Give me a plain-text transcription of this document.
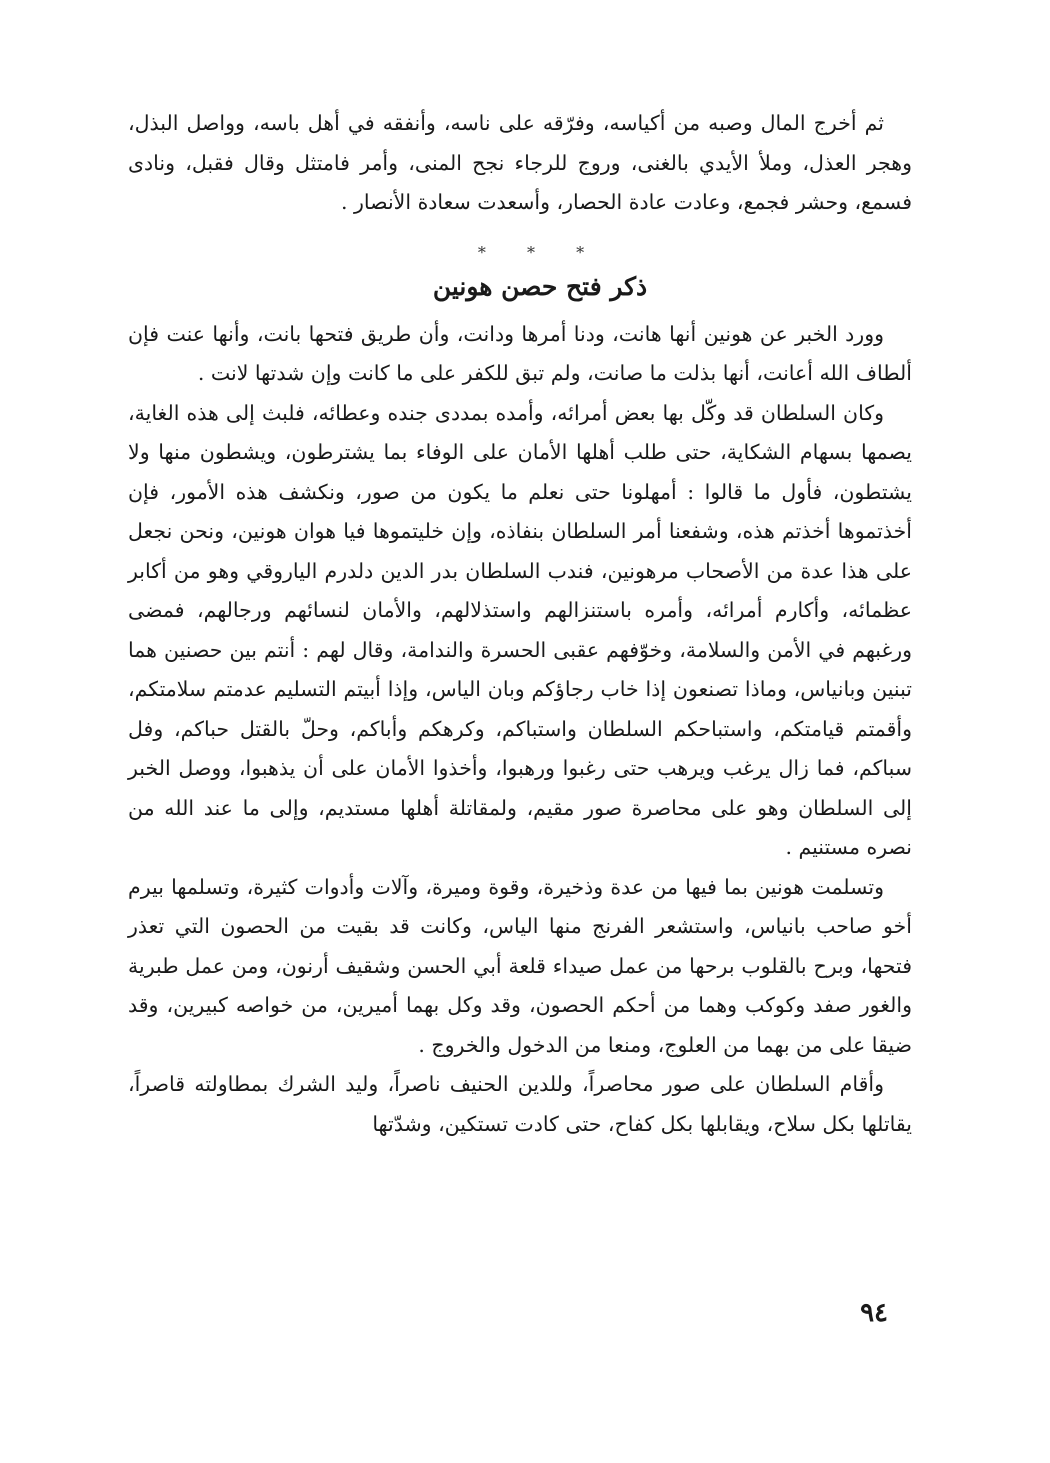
ثم أخرج المال وصبه من أكياسه، وفرّقه على ناسه، وأنفقه في أهل باسه، وواصل البذل، وهجر العذل، وملأ الأيدي بالغنى، وروج للرجاء نجح المنى، وأمر فامتثل وقال فقبل، ونادى فسمع، وحشر فجمع، وعادت عادة الحصار، وأسعدت سعادة الأنصار .

* * *
ذكر فتح حصن هونين

وورد الخبر عن هونين أنها هانت، ودنا أمرها ودانت، وأن طريق فتحها بانت، وأنها عنت فإن ألطاف الله أعانت، أنها بذلت ما صانت، ولم تبق للكفر على ما كانت وإن شدتها لانت .

وكان السلطان قد وكّل بها بعض أمرائه، وأمده بمددى جنده وعطائه، فلبث إلى هذه الغاية، يصمها بسهام الشكاية، حتى طلب أهلها الأمان على الوفاء بما يشترطون، ويشطون منها ولا يشتطون، فأول ما قالوا : أمهلونا حتى نعلم ما يكون من صور، ونكشف هذه الأمور، فإن أخذتموها أخذتم هذه، وشفعنا أمر السلطان بنفاذه، وإن خليتموها فيا هوان هونين، ونحن نجعل على هذا عدة من الأصحاب مرهونين، فندب السلطان بدر الدين دلدرم الياروقي وهو من أكابر عظمائه، وأكارم أمرائه، وأمره باستنزالهم واستذلالهم، والأمان لنسائهم ورجالهم، فمضى ورغبهم في الأمن والسلامة، وخوّفهم عقبى الحسرة والندامة، وقال لهم : أنتم بين حصنين هما تبنين وبانياس، وماذا تصنعون إذا خاب رجاؤكم وبان الياس، وإذا أبيتم التسليم عدمتم سلامتكم، وأقمتم قيامتكم، واستباحكم السلطان واستباكم، وكرهكم وأباكم، وحلّ بالقتل حباكم، وفل سباكم، فما زال يرغب ويرهب حتى رغبوا ورهبوا، وأخذوا الأمان على أن يذهبوا، ووصل الخبر إلى السلطان وهو على محاصرة صور مقيم، ولمقاتلة أهلها مستديم، وإلى ما عند الله من نصره مستنيم .

وتسلمت هونين بما فيها من عدة وذخيرة، وقوة وميرة، وآلات وأدوات كثيرة، وتسلمها بيرم أخو صاحب بانياس، واستشعر الفرنج منها الياس، وكانت قد بقيت من الحصون التي تعذر فتحها، وبرح بالقلوب برحها من عمل صيداء قلعة أبي الحسن وشقيف أرنون، ومن عمل طبرية والغور صفد وكوكب وهما من أحكم الحصون، وقد وكل بهما أميرين، من خواصه كبيرين، وقد ضيقا على من بهما من العلوج، ومنعا من الدخول والخروج .

وأقام السلطان على صور محاصراً، وللدين الحنيف ناصراً، وليد الشرك بمطاولته قاصراً، يقاتلها بكل سلاح، ويقابلها بكل كفاح، حتى كادت تستكين، وشدّتها

٩٤
